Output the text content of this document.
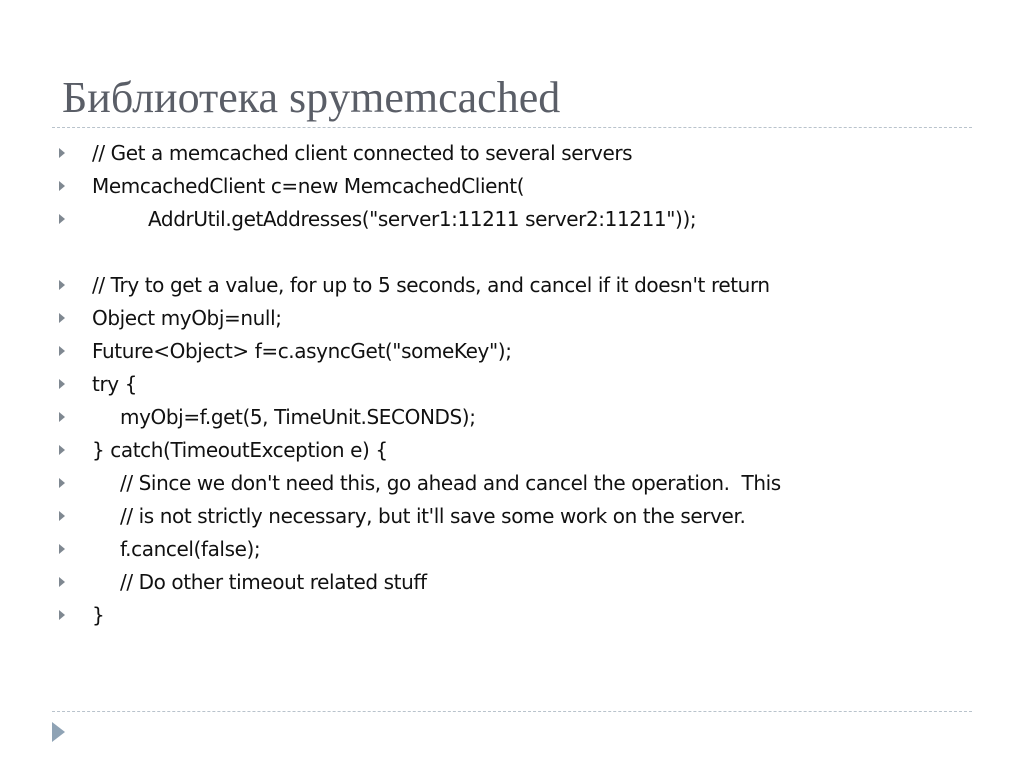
Библиотека spymemcached
// Get a memcached client connected to several servers
MemcachedClient c=new MemcachedClient(
AddrUtil.getAddresses("server1:11211 server2:11211"));
// Try to get a value, for up to 5 seconds, and cancel if it doesn't return
Object myObj=null;
Future<Object> f=c.asyncGet("someKey");
try {
myObj=f.get(5, TimeUnit.SECONDS);
} catch(TimeoutException e) {
// Since we don't need this, go ahead and cancel the operation.  This
// is not strictly necessary, but it'll save some work on the server.
f.cancel(false);
// Do other timeout related stuff
}
